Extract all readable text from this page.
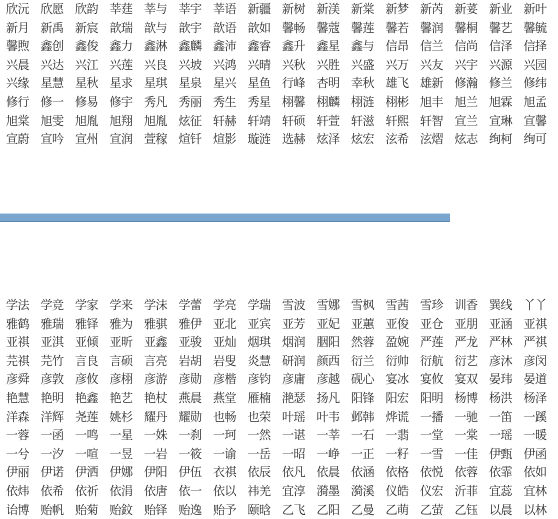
欣沅 欣愿 欣韵 莘莛 莘与 莘宇 莘语 新疆 新树 新渼 新棠 新梦 新芮 新荽 新业 新叶
新月 新禹 新宸 歆瑞 歆与 歆宇 歆语 歆如 馨畅 馨蔻 馨莲 馨若 馨润 馨桐 馨艺 馨毓
馨煦 鑫创 鑫俊 鑫力 鑫淋 鑫麟 鑫沛 鑫睿 鑫升 鑫星 鑫与 信昂 信兰 信尚 信泽 信择
兴晨 兴达 兴江 兴莲 兴良 兴坡 兴鸿 兴晴 兴秋 兴胜 兴盛 兴万 兴友 兴宇 兴源 兴园
兴缘 星慧 星秋 星求 星琪 星泉 星兴 星鱼 行峰 杏明 幸秋 雄飞 雄新 修瀚 修兰 修纬
修行 修一 修易 修宇 秀凡 秀丽 秀生 秀星 栩馨 栩麟 栩涟 栩彬 旭丰 旭兰 旭霖 旭孟
旭棠 旭雯 旭胤 旭翔 旭胤 炫征 轩赫 轩靖 轩硕 轩萱 轩滋 轩熙 轩智 宣兰 宣琳 宣馨
宣蔚 宣吟 宣州 宣润 萱稼 煊钎 煊影 璇涟 选赫 炫泽 炫宏 泫希 泫熠 炫志 绚柯 绚可
学法 学竞 学家 学来 学沫 学蕾 学亮 学瑞 雪波 雪娜 雪枫 雪茜 雪珍 训香 巽线 丫丫
雅鹤 雅瑞 雅铎 雅为 雅骐 雅伊 亚北 亚宾 亚芳 亚妃 亚蕙 亚俊 亚仓 亚朋 亚涵 亚祺
亚祺 亚淇 亚倾 亚昕 亚鑫 亚骏 亚灿 烟琪 烟润 胭阳 然蓉 盈婉 严莲 严龙 严林 严祺
芫祺 芫竹 言良 言硕 言亮 岩胡 岩叟 炎慧 研润 颜西 衍兰 衍帅 衍航 衍艺 彦沐 彦闵
彦舜 彦敦 彦攸 彦栩 彦游 彦勋 彦楷 彦钧 彦庸 彦越 砚心 宴冰 宴攸 宴双 晏玮 晏道
艳慧 艳明 艳鑫 艳艺 艳杖 燕晨 燕堂 雁楠 滟瑟 扬凡 阳锋 阳宏 阳明 杨博 杨洪 杨泽
洋森 洋辉 尧莲 姚杉 耀丹 耀勋 也畅 也荣 叶瑶 叶韦 邺韩 烨谎 一播 一驰 一笛 一蹊
一蓉 一函 一鸣 一星 一姝 一刹 一珂 一然 一谌 一莘 一石 一翡 一堂 一棠 一瑶 一暖
一兮 一汐 一喧 一昱 一岩 一筱 一谕 一岳 一昭 一峥 一正 一籽 一雪 一佳 伊甄 伊函
伊丽 伊诺 伊洒 伊娜 伊阳 伊伍 衣祺 依辰 依凡 依晨 依涵 依格 依悦 依蓉 依霏 依如
依炜 依希 依祈 依涓 依唐 依一 依以 祎羌 宜淳 漪墨 漪溪 仪皓 仪宏 沂菲 宜蕊 宜林
诒博 贻帆 贻菊 贻鈫 贻铎 贻逸 贻予 颐晗 乙飞 乙阳 乙曼 乙萌 乙萤 乙钰 以晨 以林
